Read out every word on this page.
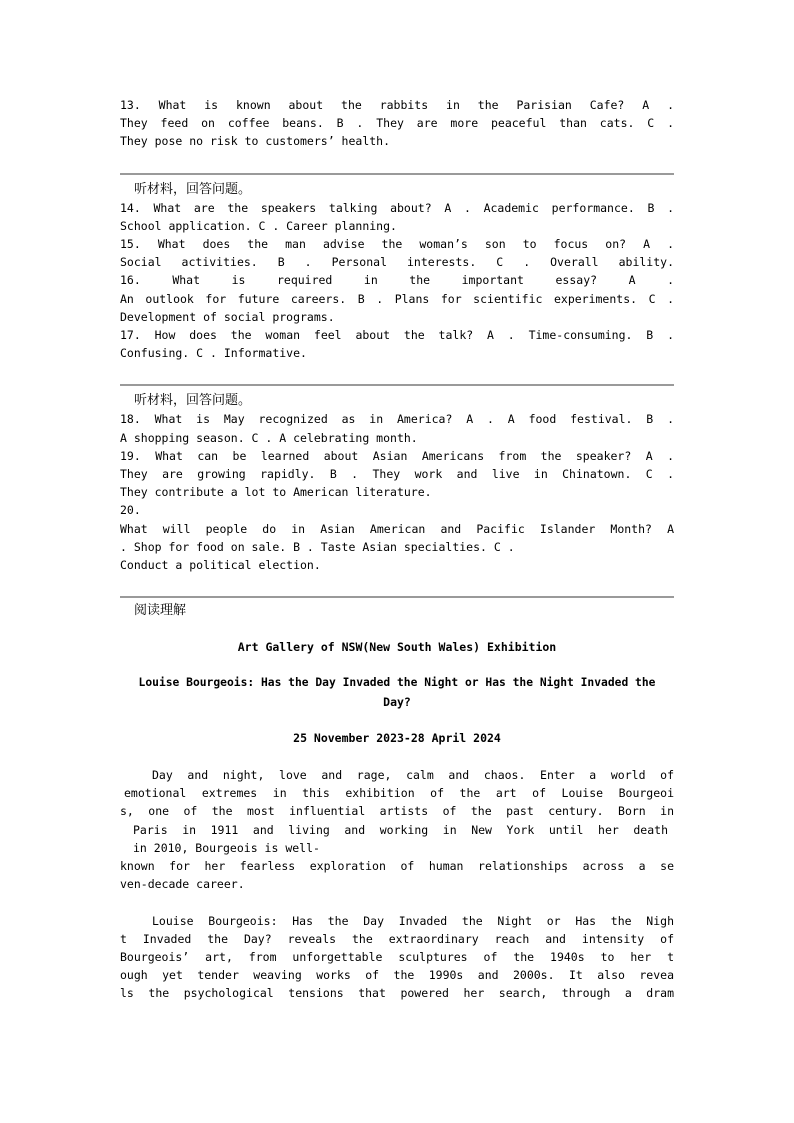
13. What is known about the rabbits in the Parisian Cafe? A .
They feed on coffee beans. B . They are more peaceful than cats. C .
They pose no risk to customers’ health.
听材料，回答问题。
14. What are the speakers talking about? A . Academic performance. B .
School application. C . Career planning.
15. What does the man advise the woman’s son to focus on? A .
Social activities. B . Personal interests. C . Overall ability.
16. What is required in the important essay? A .
An outlook for future careers. B . Plans for scientific experiments. C .
Development of social programs.
17. How does the woman feel about the talk? A . Time-consuming. B .
Confusing. C . Informative.
听材料，回答问题。
18. What is May recognized as in America? A . A food festival. B .
A shopping season. C . A celebrating month.
19. What can be learned about Asian Americans from the speaker? A .
They are growing rapidly. B . They work and live in Chinatown. C .
They contribute a lot to American literature.
20.
What will people do in Asian American and Pacific Islander Month? A
. Shop for food on sale. B . Taste Asian specialties. C .
Conduct a political election.
阅读理解
Art Gallery of NSW(New South Wales) Exhibition
Louise Bourgeois: Has the Day Invaded the Night or Has the Night Invaded the
Day?
25 November 2023-28 April 2024
Day and night, love and rage, calm and chaos. Enter a world of
emotional extremes in this exhibition of the art of Louise Bourgeoi
s, one of the most influential artists of the past century. Born in
Paris in 1911 and living and working in New York until her death
in 2010, Bourgeois is well-
known for her fearless exploration of human relationships across a se
ven-decade career.
Louise Bourgeois: Has the Day Invaded the Night or Has the Nigh
t Invaded the Day? reveals the extraordinary reach and intensity of
Bourgeois’ art, from unforgettable sculptures of the 1940s to her t
ough yet tender weaving works of the 1990s and 2000s. It also revea
ls the psychological tensions that powered her search, through a dram
